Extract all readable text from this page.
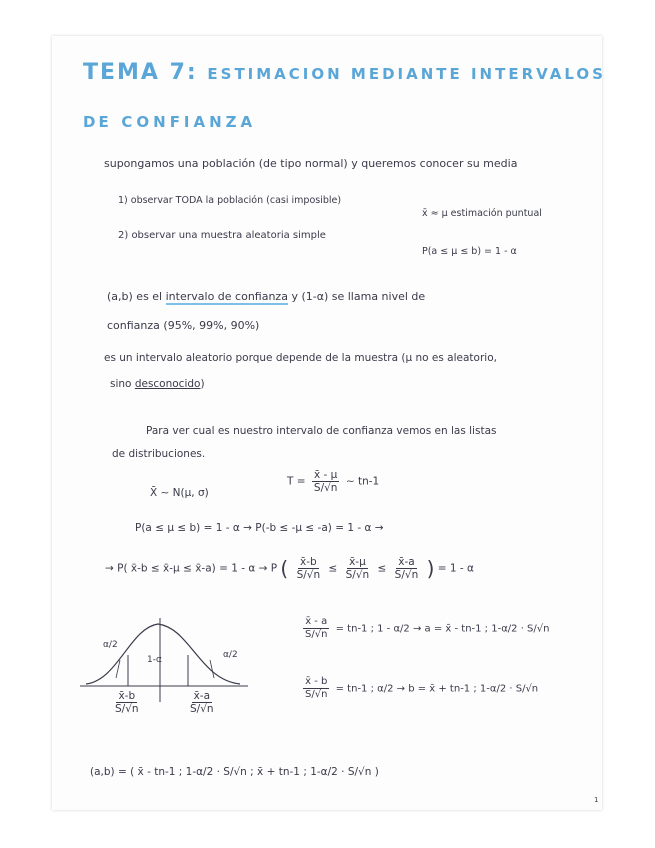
TEMA 7: ESTIMACION MEDIANTE INTERVALOS
DE CONFIANZA
supongamos una población (de tipo normal) y queremos conocer su media
1) observar TODA la población (casi imposible)
2) observar una muestra aleatoria simple
x̄ ≈ μ estimación puntual
P(a ≤ μ ≤ b) = 1 - α
(a,b) es el intervalo de confianza y (1-α) se llama nivel de
confianza (95%, 99%, 90%)
es un intervalo aleatorio porque depende de la muestra (μ no es aleatorio,
sino desconocido)
Para ver cual es nuestro intervalo de confianza vemos en las listas
de distribuciones.
X̄ ∼ N(μ, σ)
$T = \frac{x̄ - \mu}{S/√n}$ ∼ tn-1
P(a ≤ μ ≤ b) = 1 - α → P(-b ≤ -μ ≤ -a) = 1 - α →
→ P( x̄-b ≤ x̄-μ ≤ x̄-a) = 1 - α → P ( $\frac{x̄-b}{S/√n} \le \frac{x̄-\mu}{S/√n} \le \frac{x̄-a}{S/√n}$ ) = 1 - α
α/2
α/2
1-α
$\frac{x̄-b}{S/√n}$	$\frac{x̄-a}{S/√n}$
$\frac{x̄ - a}{S/√n} = tn-1$ ; 1 - α/2 → a = x̄ - tn-1 ; 1-α/2 · S/√n
$\frac{x̄ - b}{S/√n} = tn-1$ ; α/2 → b = x̄ + tn-1 ; 1-α/2 · S/√n
(a,b) = ( x̄ - tn-1 ; 1-α/2 · S/√n ; x̄ + tn-1 ; 1-α/2 · S/√n )
1
